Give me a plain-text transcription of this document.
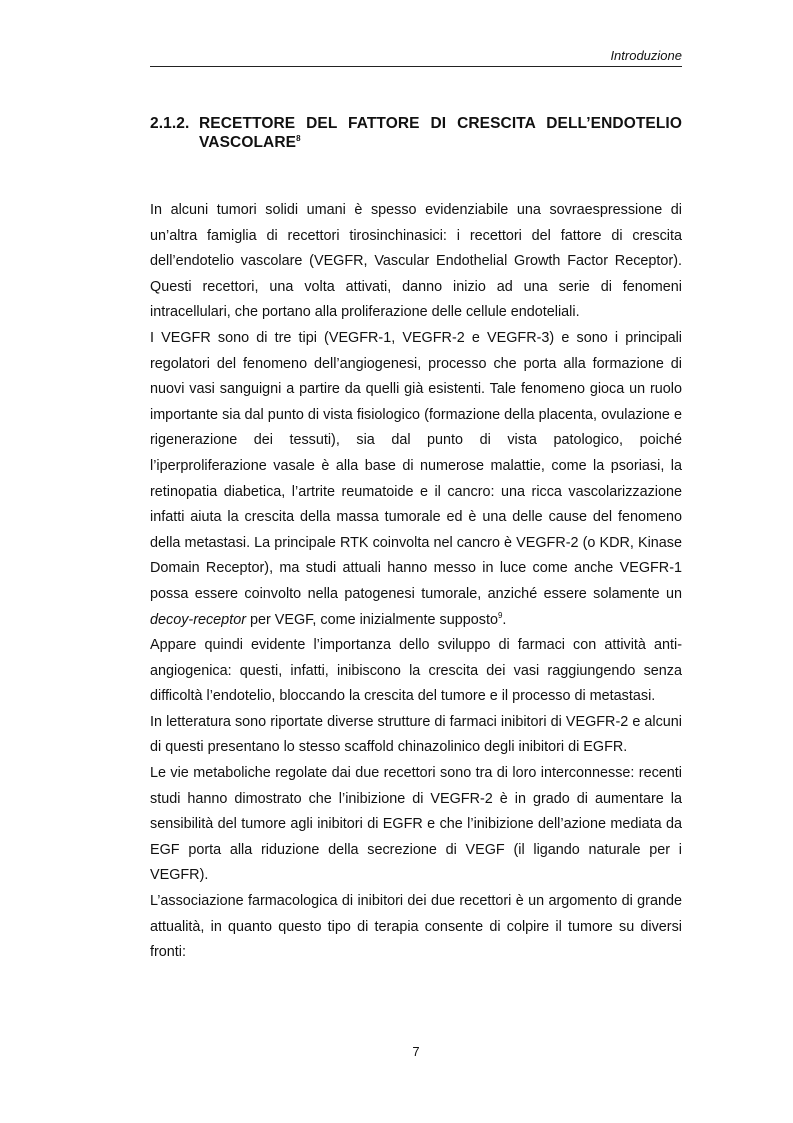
Introduzione
2.1.2. RECETTORE DEL FATTORE DI CRESCITA DELL’ENDOTELIO VASCOLARE$^8$

In alcuni tumori solidi umani è spesso evidenziabile una sovraespressione di un’altra famiglia di recettori tirosinchinasici: i recettori del fattore di crescita dell’endotelio vascolare (VEGFR, Vascular Endothelial Growth Factor Receptor). Questi recettori, una volta attivati, danno inizio ad una serie di fenomeni intracellulari, che portano alla proliferazione delle cellule endoteliali.

I VEGFR sono di tre tipi (VEGFR-1, VEGFR-2 e VEGFR-3) e sono i principali regolatori del fenomeno dell’angiogenesi, processo che porta alla formazione di nuovi vasi sanguigni a partire da quelli già esistenti. Tale fenomeno gioca un ruolo importante sia dal punto di vista fisiologico (formazione della placenta, ovulazione e rigenerazione dei tessuti), sia dal punto di vista patologico, poiché l’iperproliferazione vasale è alla base di numerose malattie, come la psoriasi, la retinopatia diabetica, l’artrite reumatoide e il cancro: una ricca vascolarizzazione infatti aiuta la crescita della massa tumorale ed è una delle cause del fenomeno della metastasi. La principale RTK coinvolta nel cancro è VEGFR-2 (o KDR, Kinase Domain Receptor), ma studi attuali hanno messo in luce come anche VEGFR-1 possa essere coinvolto nella patogenesi tumorale, anziché essere solamente un decoy-receptor per VEGF, come inizialmente supposto$^9$.

Appare quindi evidente l’importanza dello sviluppo di farmaci con attività anti-angiogenica: questi, infatti, inibiscono la crescita dei vasi raggiungendo senza difficoltà l’endotelio, bloccando la crescita del tumore e il processo di metastasi.

In letteratura sono riportate diverse strutture di farmaci inibitori di VEGFR-2 e alcuni di questi presentano lo stesso scaffold chinazolinico degli inibitori di EGFR.

Le vie metaboliche regolate dai due recettori sono tra di loro interconnesse: recenti studi hanno dimostrato che l’inibizione di VEGFR-2 è in grado di aumentare la sensibilità del tumore agli inibitori di EGFR e che l’inibizione dell’azione mediata da EGF porta alla riduzione della secrezione di VEGF (il ligando naturale per i VEGFR).

L’associazione farmacologica di inibitori dei due recettori è un argomento di grande attualità, in quanto questo tipo di terapia consente di colpire il tumore su diversi fronti:

7
